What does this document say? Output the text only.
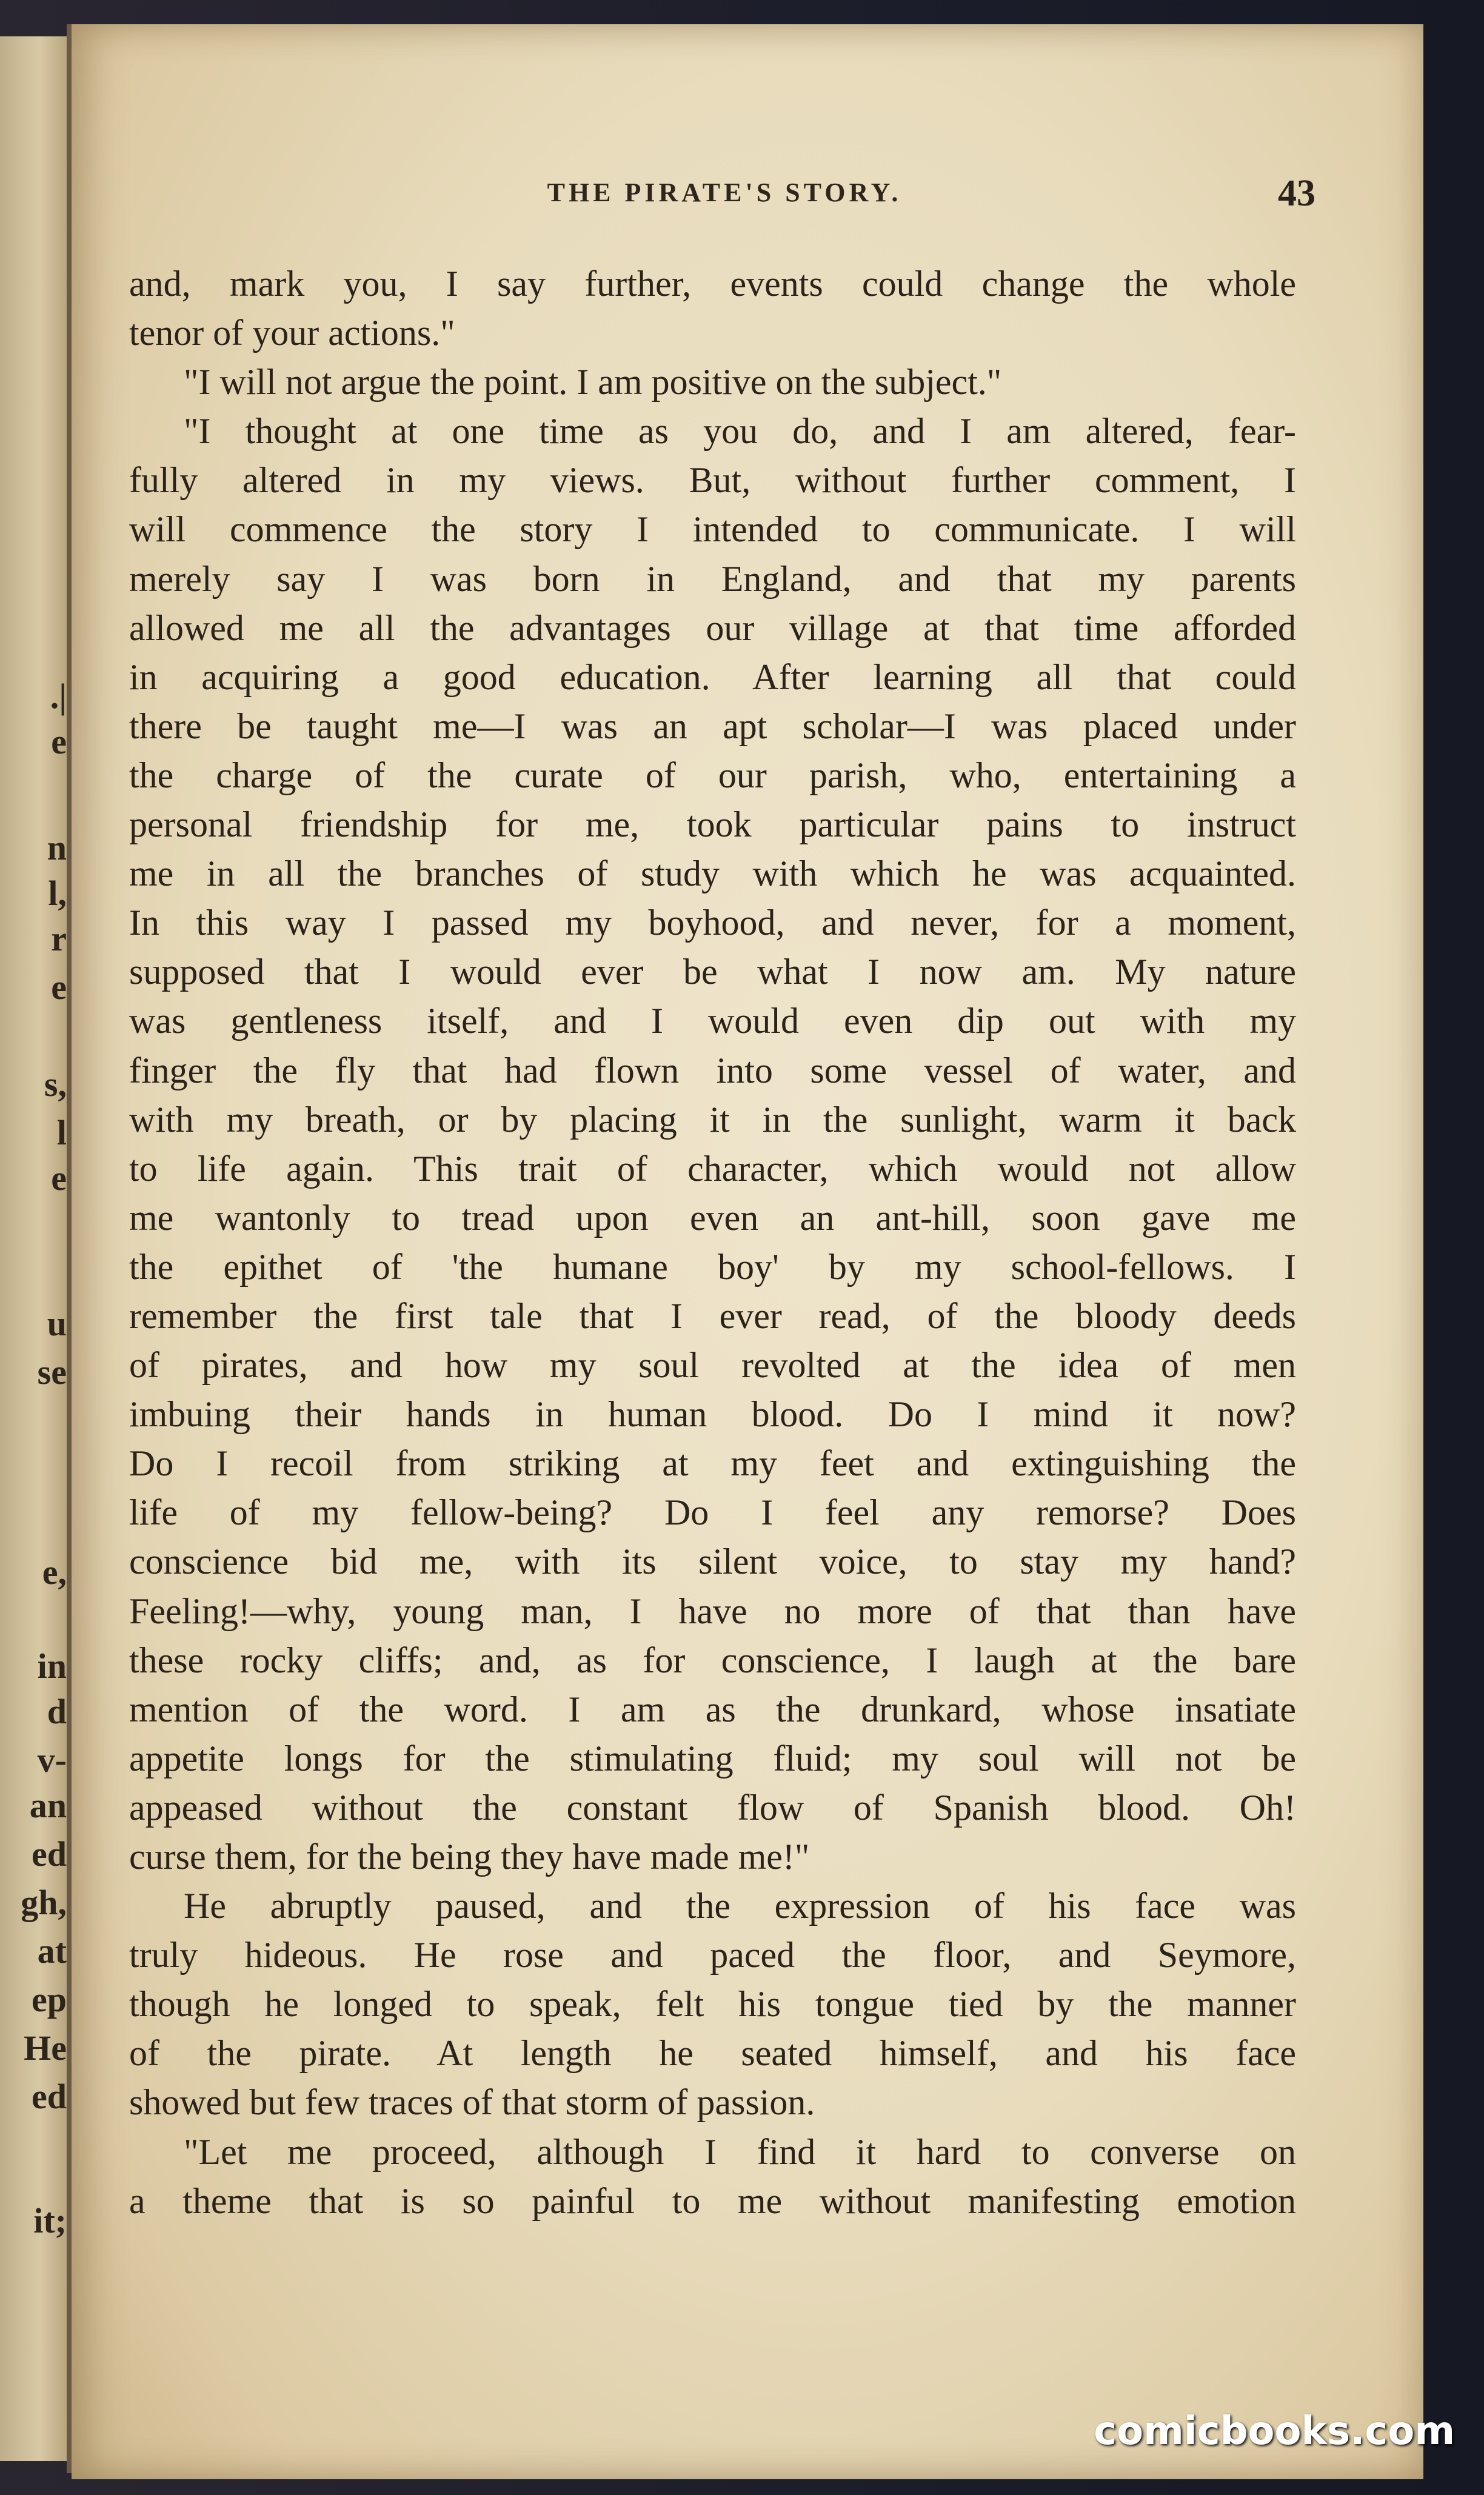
.|
e
n
l,
r
e
s,
l
e
u
se
e,
in
d
v-
an
ed
gh,
at
ep
He
ed
it;
THE PIRATE'S STORY.	43
and, mark you, I say further, events could change the whole
tenor of your actions."
"I will not argue the point. I am positive on the subject."
"I thought at one time as you do, and I am altered, fear-
fully altered in my views. But, without further comment, I
will commence the story I intended to communicate. I will
merely say I was born in England, and that my parents
allowed me all the advantages our village at that time afforded
in acquiring a good education. After learning all that could
there be taught me—I was an apt scholar—I was placed under
the charge of the curate of our parish, who, entertaining a
personal friendship for me, took particular pains to instruct
me in all the branches of study with which he was acquainted.
In this way I passed my boyhood, and never, for a moment,
supposed that I would ever be what I now am. My nature
was gentleness itself, and I would even dip out with my
finger the fly that had flown into some vessel of water, and
with my breath, or by placing it in the sunlight, warm it back
to life again. This trait of character, which would not allow
me wantonly to tread upon even an ant-hill, soon gave me
the epithet of 'the humane boy' by my school-fellows. I
remember the first tale that I ever read, of the bloody deeds
of pirates, and how my soul revolted at the idea of men
imbuing their hands in human blood. Do I mind it now?
Do I recoil from striking at my feet and extinguishing the
life of my fellow-being? Do I feel any remorse? Does
conscience bid me, with its silent voice, to stay my hand?
Feeling!—why, young man, I have no more of that than have
these rocky cliffs; and, as for conscience, I laugh at the bare
mention of the word. I am as the drunkard, whose insatiate
appetite longs for the stimulating fluid; my soul will not be
appeased without the constant flow of Spanish blood. Oh!
curse them, for the being they have made me!"
He abruptly paused, and the expression of his face was
truly hideous. He rose and paced the floor, and Seymore,
though he longed to speak, felt his tongue tied by the manner
of the pirate. At length he seated himself, and his face
showed but few traces of that storm of passion.
"Let me proceed, although I find it hard to converse on
a theme that is so painful to me without manifesting emotion
comicbooks.com
